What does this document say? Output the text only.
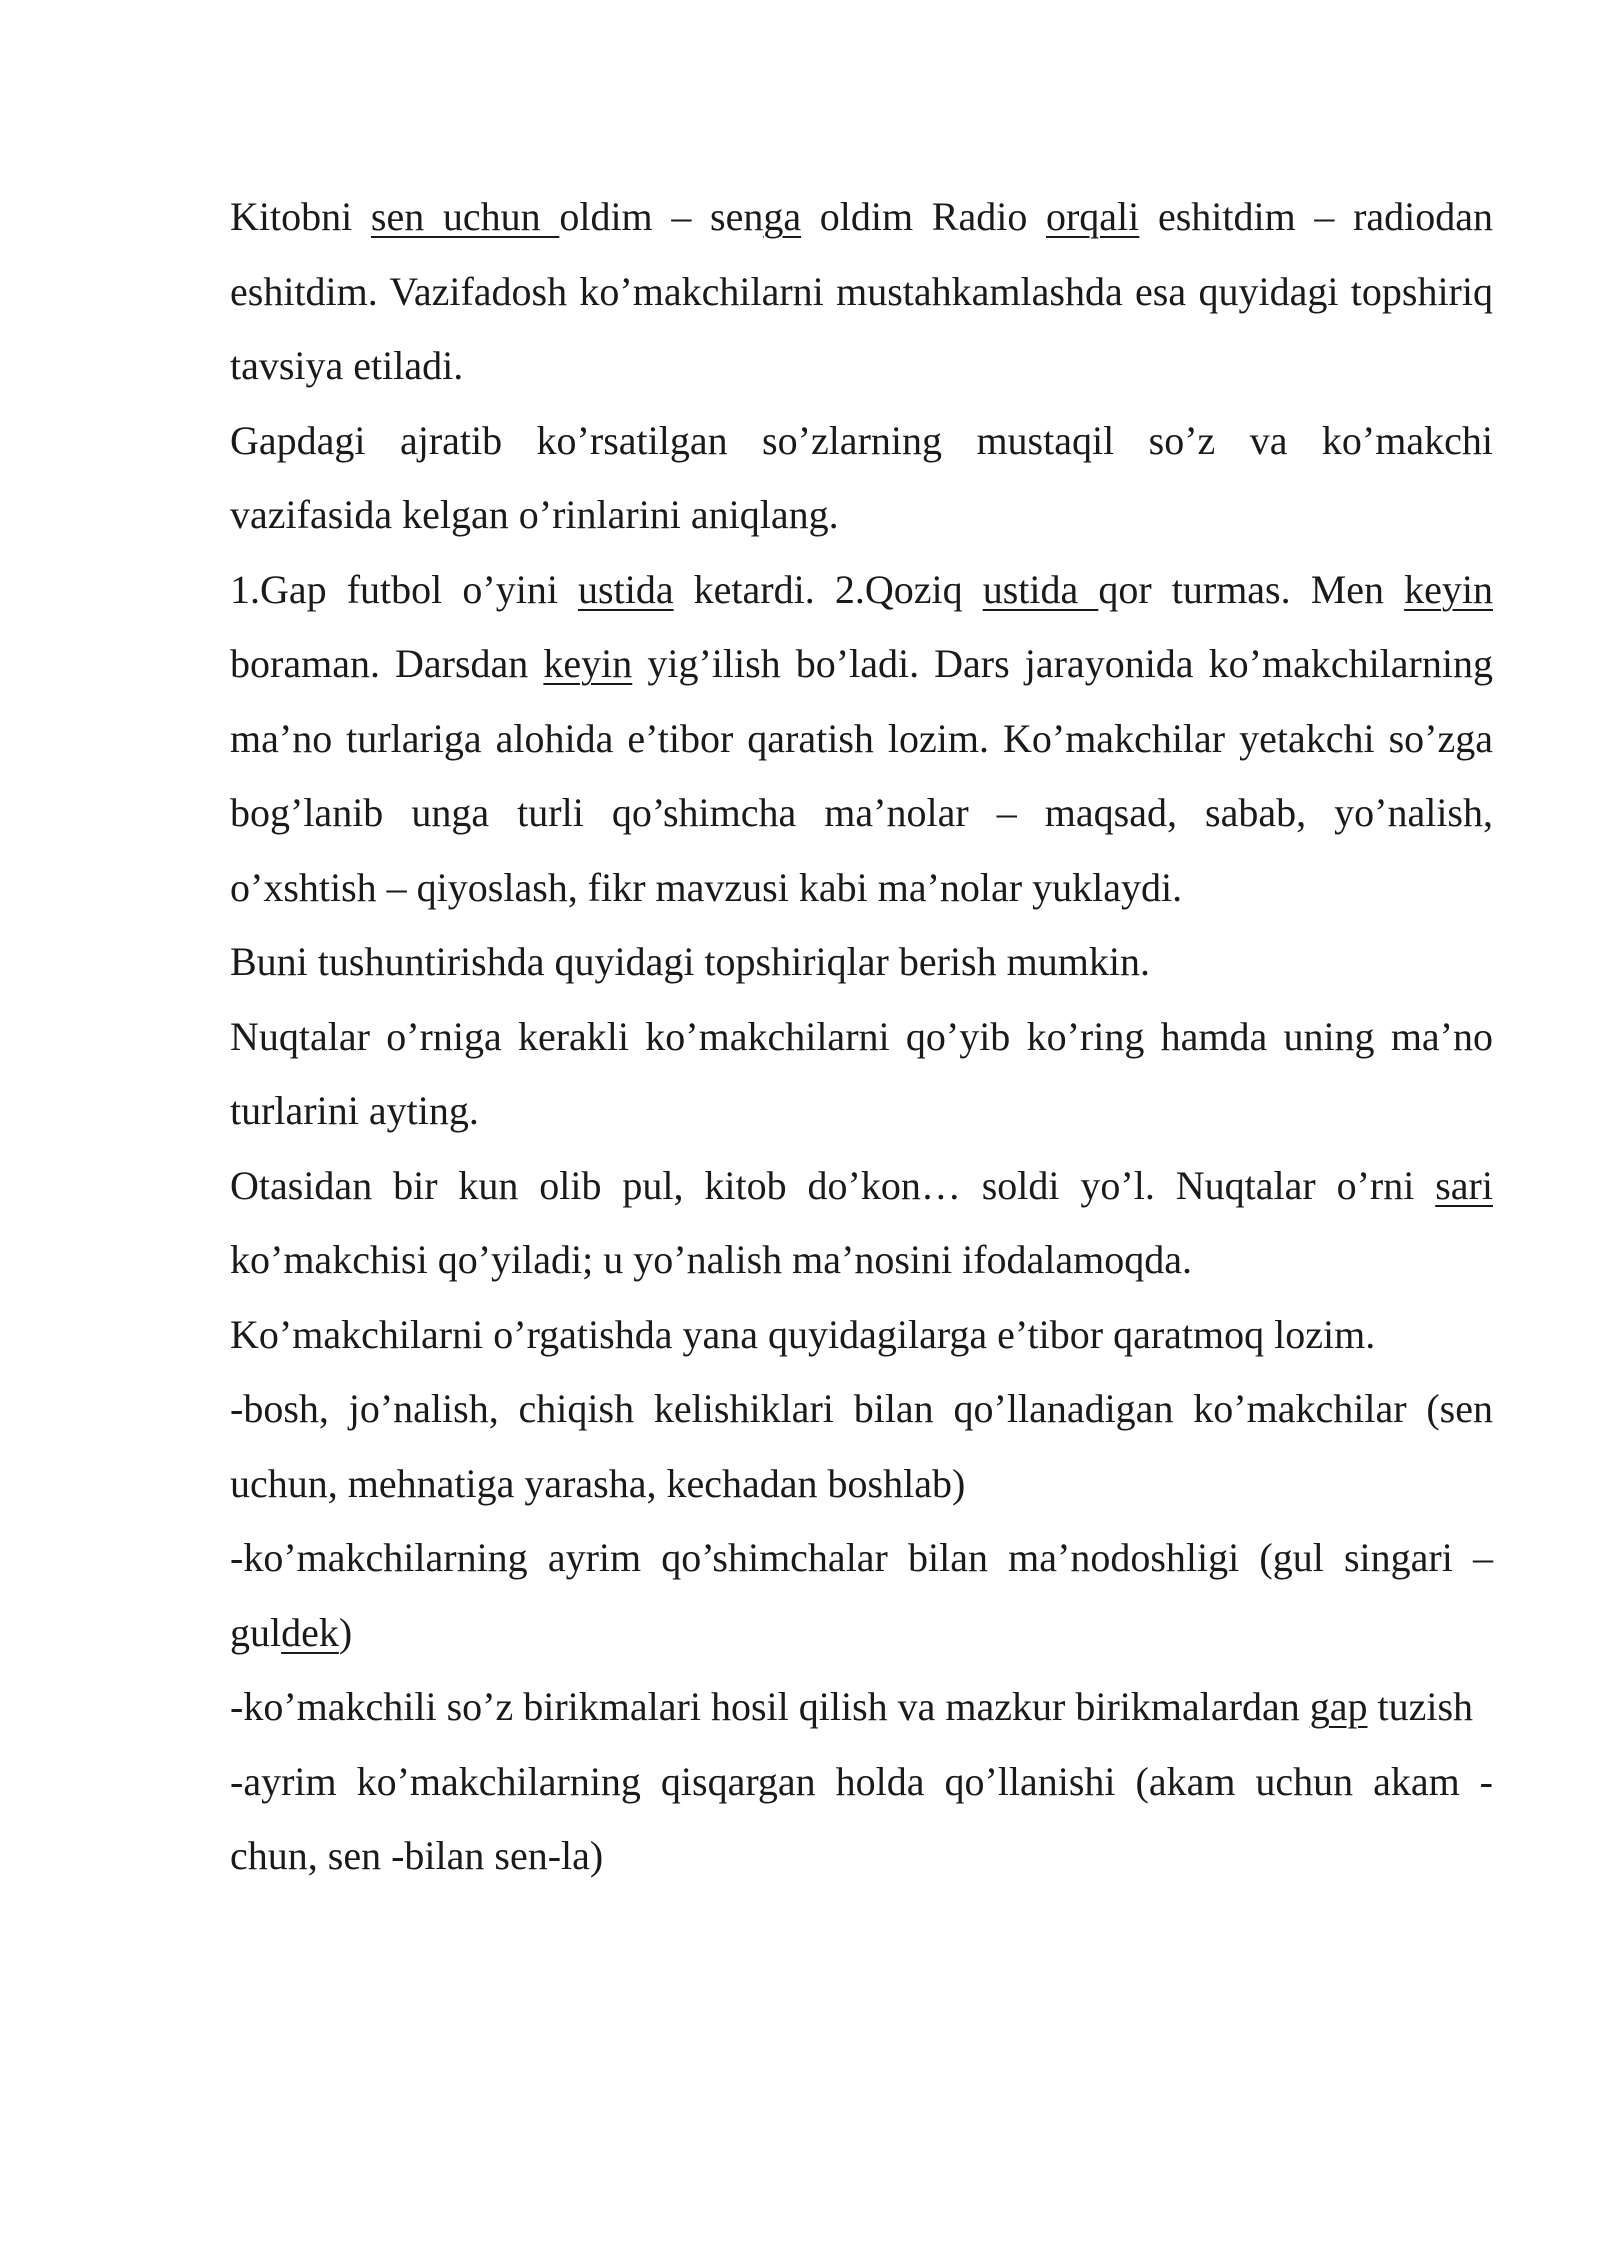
Kitobni sen uchun oldim – senga oldim Radio orqali eshitdim – radiodan eshitdim. Vazifadosh ko’makchilarni mustahkamlashda esa quyidagi topshiriq tavsiya etiladi.

Gapdagi ajratib ko’rsatilgan so’zlarning mustaqil so’z va ko’makchi vazifasida kelgan o’rinlarini aniqlang.

1.Gap futbol o’yini ustida ketardi. 2.Qoziq ustida qor turmas. Men keyin boraman. Darsdan keyin yig’ilish bo’ladi. Dars jarayonida ko’makchilarning ma’no turlariga alohida e’tibor qaratish lozim. Ko’makchilar yetakchi so’zga bog’lanib unga turli qo’shimcha ma’nolar – maqsad, sabab, yo’nalish, o’xshtish – qiyoslash, fikr mavzusi kabi ma’nolar yuklaydi.

Buni tushuntirishda quyidagi topshiriqlar berish mumkin.

Nuqtalar o’rniga kerakli ko’makchilarni qo’yib ko’ring hamda uning ma’no turlarini ayting.

Otasidan bir kun olib pul, kitob do’kon… soldi yo’l. Nuqtalar o’rni sari ko’makchisi qo’yiladi; u yo’nalish ma’nosini ifodalamoqda.

Ko’makchilarni o’rgatishda yana quyidagilarga e’tibor qaratmoq lozim.

-bosh, jo’nalish, chiqish kelishiklari bilan qo’llanadigan ko’makchilar (sen uchun, mehnatiga yarasha, kechadan boshlab)

-ko’makchilarning ayrim qo’shimchalar bilan ma’nodoshligi (gul singari – guldek)

-ko’makchili so’z birikmalari hosil qilish va mazkur birikmalardan gap tuzish

-ayrim ko’makchilarning qisqargan holda qo’llanishi (akam uchun akam -chun, sen -bilan sen-la)
